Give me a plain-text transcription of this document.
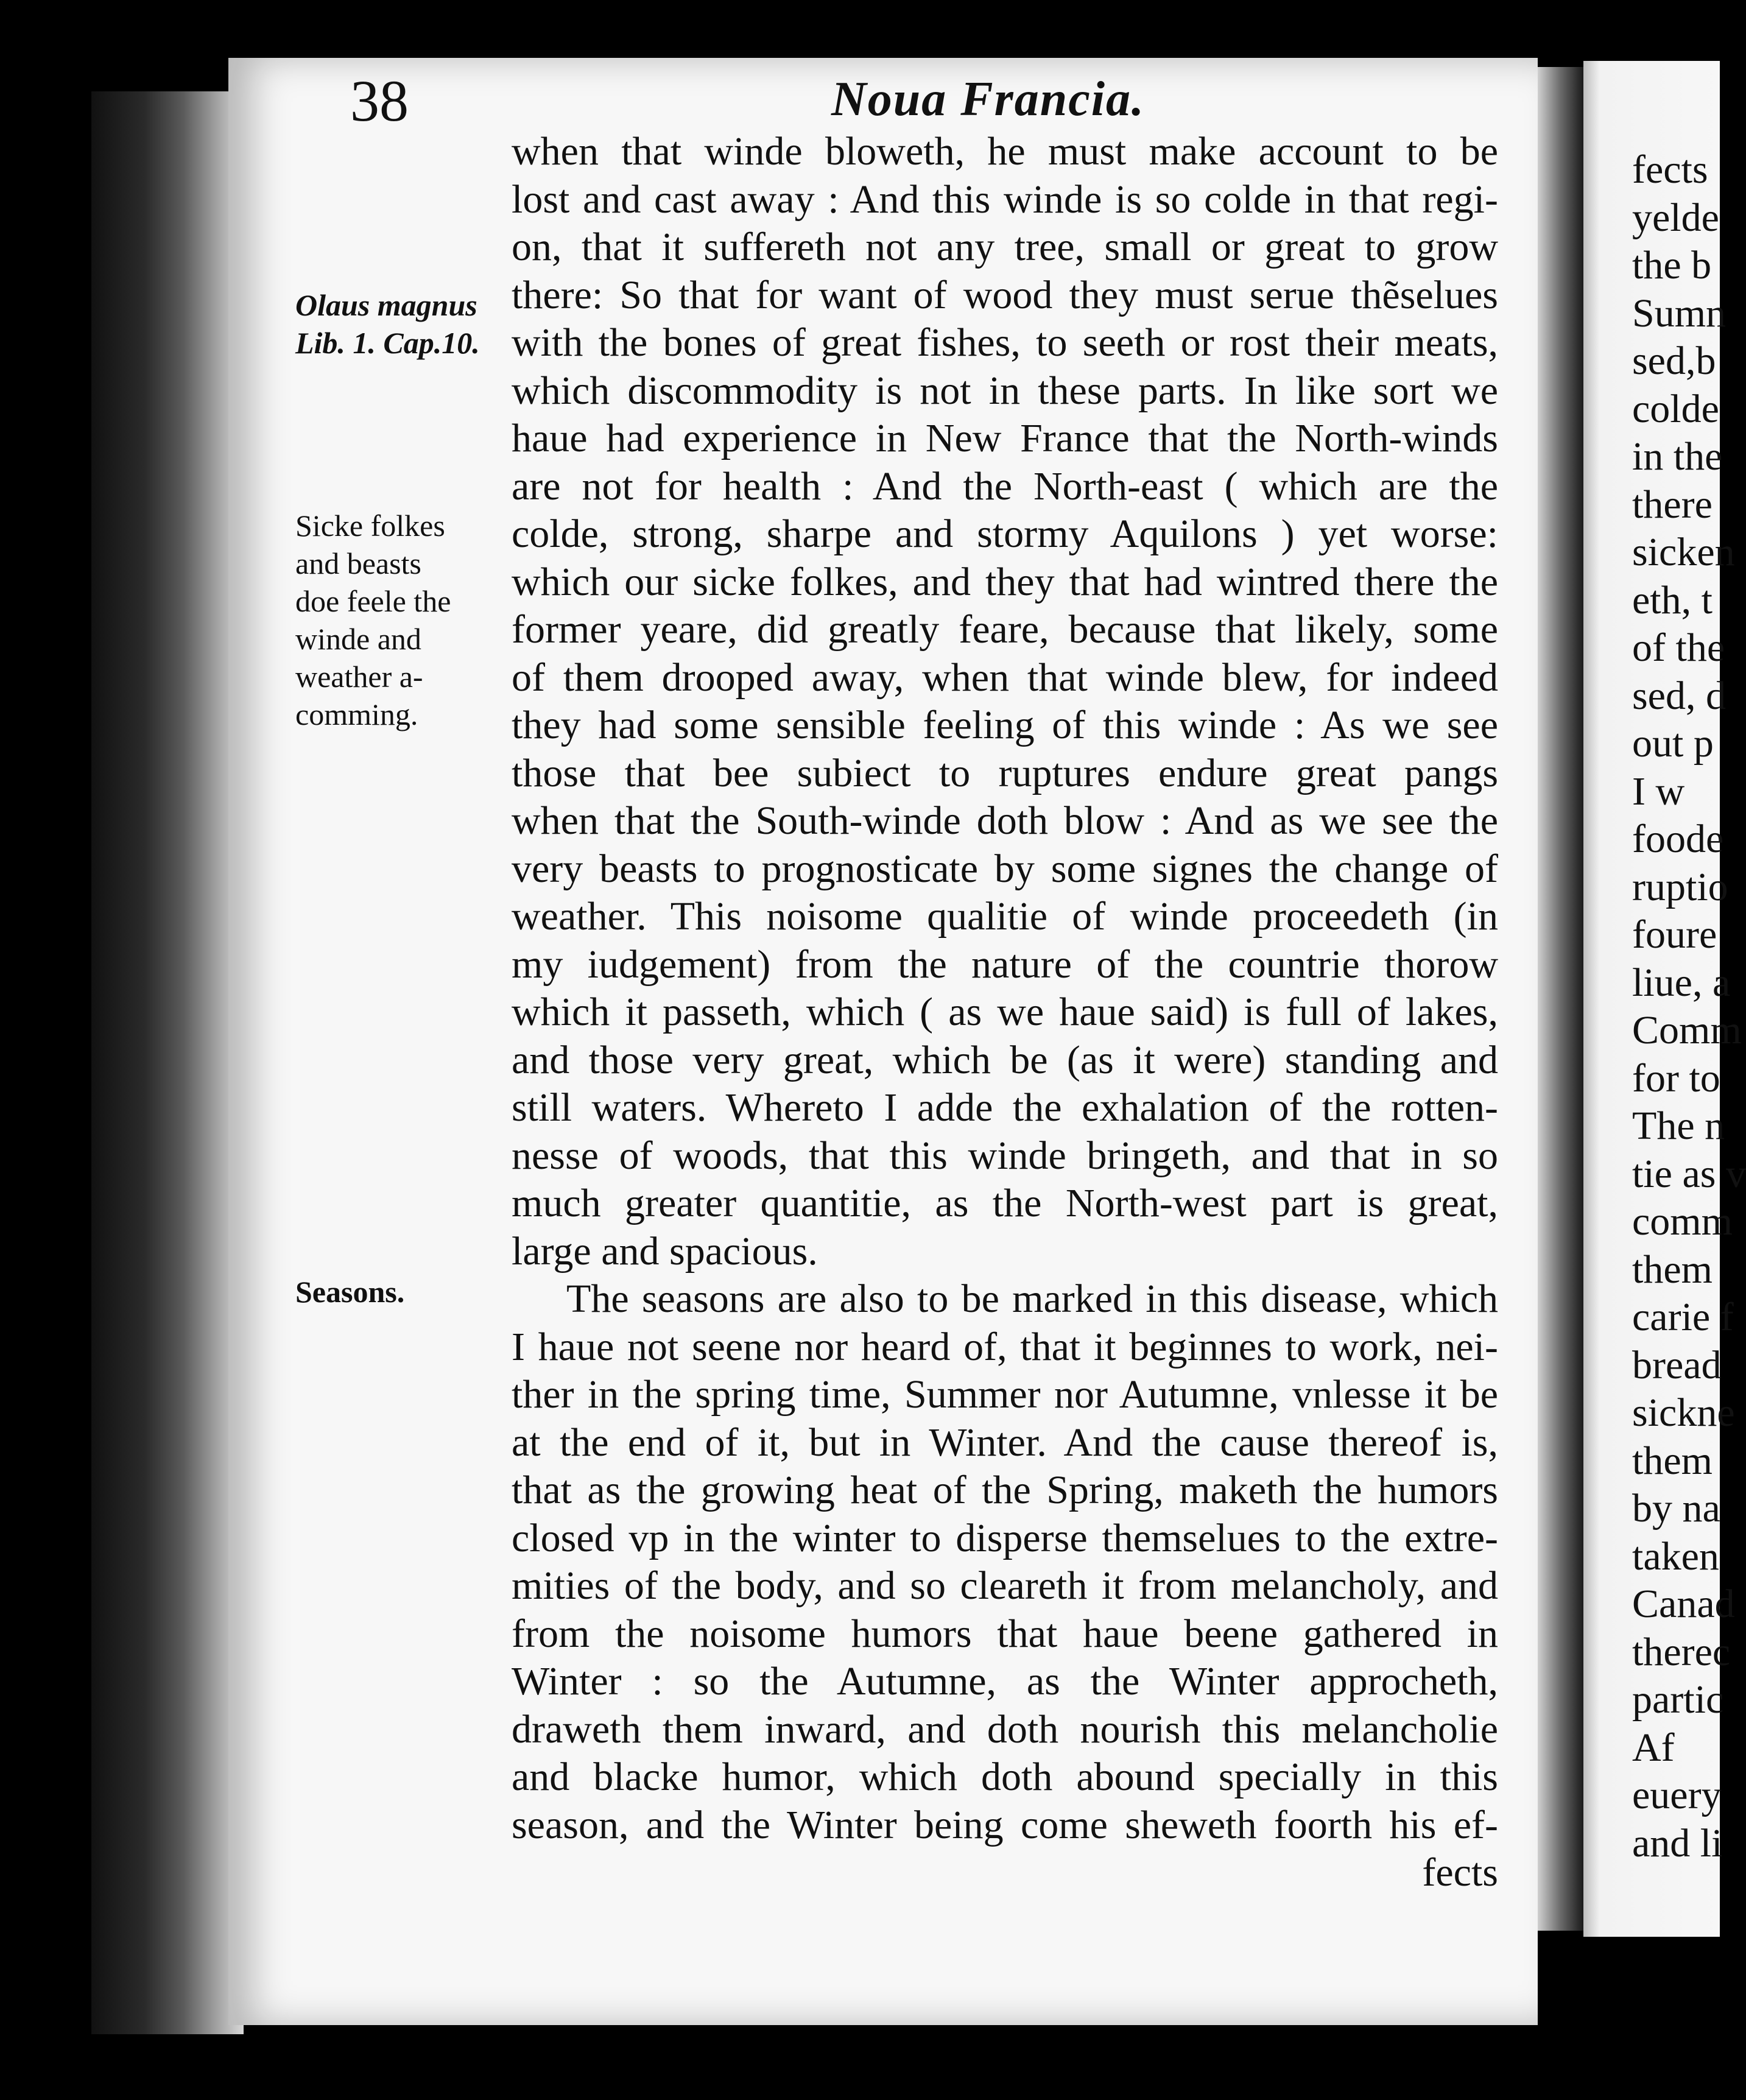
38	Noua Francia.
Olaus magnus
Lib. 1. Cap.10.
Sicke folkes
and beasts
doe feele the
winde and
weather a-
comming.
Seasons.
when that winde bloweth, he must make account to be
lost and cast away : And this winde is so colde in that regi-
on, that it suffereth not any tree, small or great to grow
there: So that for want of wood they must serue thẽselues
with the bones of great fishes, to seeth or rost their meats,
which discommodity is not in these parts. In like sort we
haue had experience in New France that the North-winds
are not for health : And the North-east ( which are the
colde, strong, sharpe and stormy Aquilons ) yet worse:
which our sicke folkes, and they that had wintred there the
former yeare, did greatly feare, because that likely, some
of them drooped away, when that winde blew, for indeed
they had some sensible feeling of this winde : As we see
those that bee subiect to ruptures endure great pangs
when that the South-winde doth blow : And as we see the
very beasts to prognosticate by some signes the change of
weather. This noisome qualitie of winde proceedeth (in
my iudgement) from the nature of the countrie thorow
which it passeth, which ( as we haue said) is full of lakes,
and those very great, which be (as it were) standing and
still waters. Whereto I adde the exhalation of the rotten-
nesse of woods, that this winde bringeth, and that in so
much greater quantitie, as the North-west part is great,
large and spacious.
The seasons are also to be marked in this disease, which
I haue not seene nor heard of, that it beginnes to work, nei-
ther in the spring time, Summer nor Autumne, vnlesse it be
at the end of it, but in Winter. And the cause thereof is,
that as the growing heat of the Spring, maketh the humors
closed vp in the winter to disperse themselues to the extre-
mities of the body, and so cleareth it from melancholy, and
from the noisome humors that haue beene gathered in
Winter : so the Autumne, as the Winter approcheth,
draweth them inward, and doth nourish this melancholie
and blacke humor, which doth abound specially in this
season, and the Winter being come sheweth foorth his ef-
fects
fects
yelde
the b
Sumn
sed,b
colde
in the
there
sicken
eth, t
of the
sed, d
out p
I w
foode
ruptio
foure
liue, a
Comm
for to
The n
tie as v
comm
them
carie f
bread
sickne
them
by na
taken
Canad
therec
partic
Af
euery
and li
